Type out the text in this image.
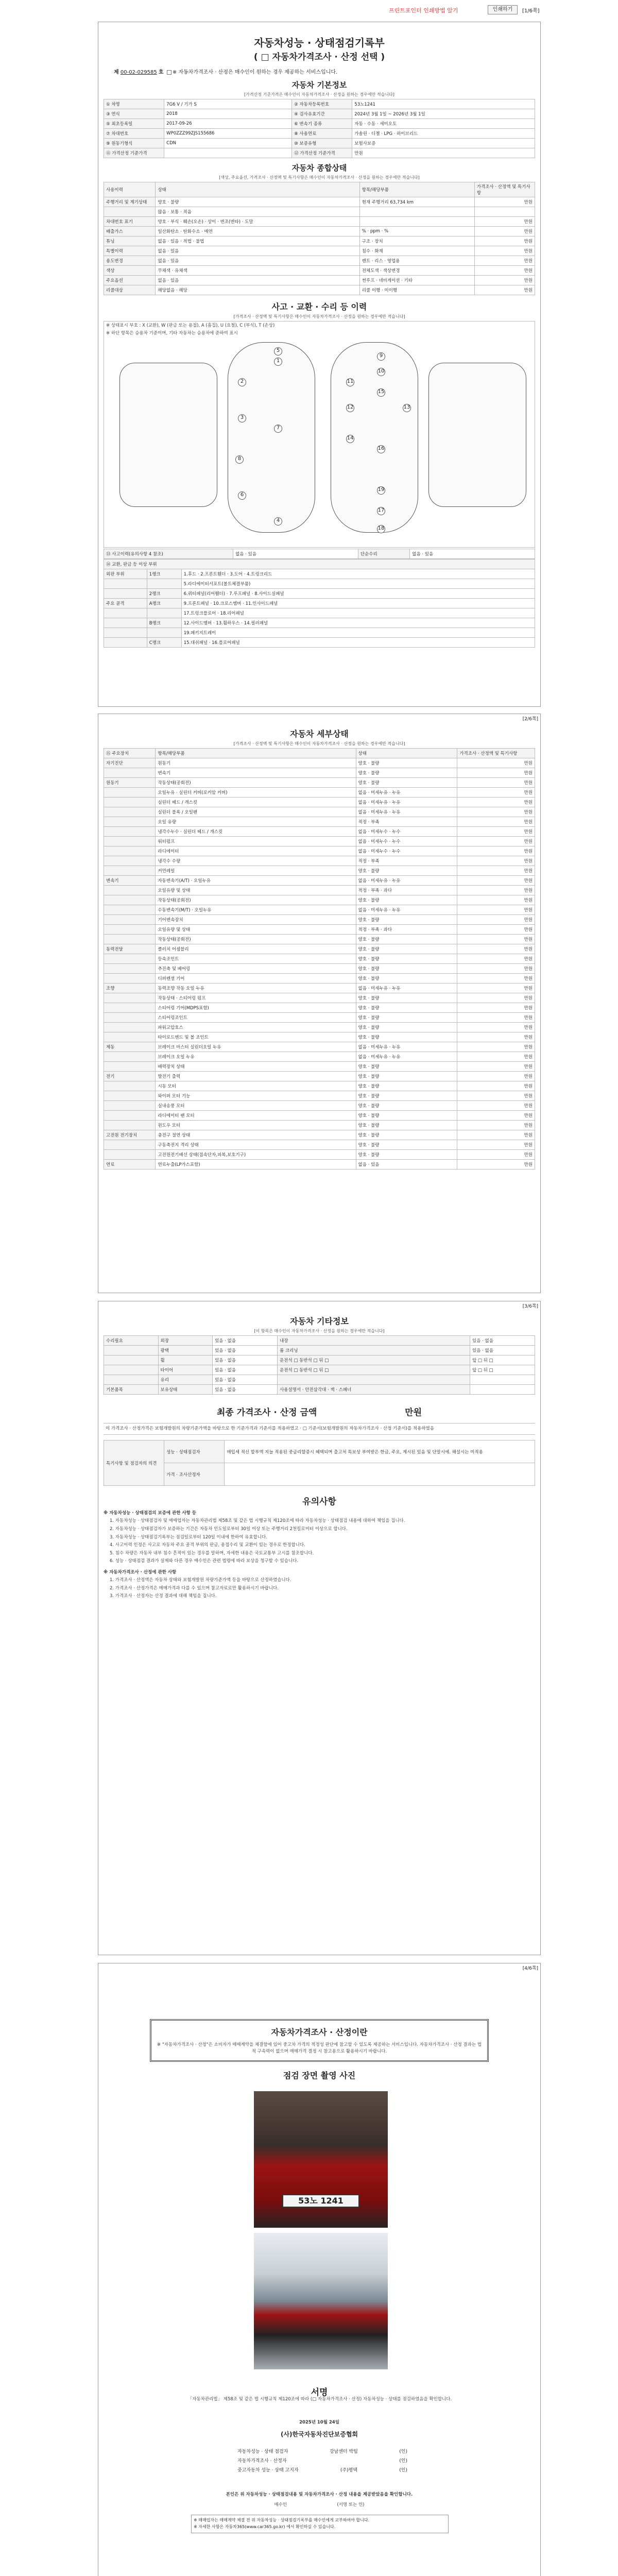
프린트포인터 인쇄방법 알기	인쇄하기	[1/6쪽]
자동차성능 · 상태점검기록부
( □ 자동차가격조사 · 산정 선택 )
제 00-02-029585 호 ※ 자동차가격조사 · 산정은 매수인이 원하는 경우 제공하는 서비스입니다.
자동차 기본정보
[가격산정 기준가격은 매수인이 자동차가격조사 · 산정을 원하는 경우에만 적습니다]
① 차명	7G6 V / 기가 S	② 자동차등록번호	53노1241
③ 연식	2018	④ 검사유효기간	2024년 3월 1일 ~ 2026년 3월 1일
⑤ 최초등록일	2017-09-26	⑥ 변속기 종류	자동 · 수동 · 세미오토
⑦ 차대번호	WP0ZZZ99ZJS155686	⑧ 사용연료	가솔린 · 디젤 · LPG · 하이브리드
⑨ 원동기형식	CDN	⑩ 보증유형	보험사보증
⑪ 가격산정 기준가격		⑫ 가격산정 기준가격	만원
자동차 종합상태
[색상, 주요옵션, 가격조사 · 산정액 및 특기사항은 매수인이 자동차가격조사 · 산정을 원하는 경우에만 적습니다]
사용이력	상태	항목/해당부품	가격조사 · 산정액 및 특기사항
주행거리 및 계기상태	양호 · 불량	현재 주행거리 63,734 km	만원
	많음 · 보통 · 적음		
차대번호 표기	양호 · 부식 · 훼손(오손) · 상이 · 변조(변타) · 도말		만원
배출가스	일산화탄소 · 탄화수소 · 매연	% · ppm · %	만원
튜닝	없음 · 있음 · 적법 · 불법	구조 · 장치	만원
특별이력	없음 · 있음	침수 · 화재	만원
용도변경	없음 · 있음	렌트 · 리스 · 영업용	만원
색상	무채색 · 유채색	전체도색 · 색상변경	만원
주요옵션	없음 · 있음	썬루프 · 네비게이션 · 기타	만원
리콜대상	해당없음 · 해당	리콜 이행 · 미이행	만원
사고 · 교환 · 수리 등 이력
[가격조사 · 산정액 및 특기사항은 매수인이 자동차가격조사 · 산정을 원하는 경우에만 적습니다]
※ 상태표시 부호 : X (교환), W (판금 또는 용접), A (흠집), U (요철), C (부식), T (손상)
※ 하단 항목은 승용차 기준이며, 기타 자동차는 승용차에 준하여 표시
1
2
3
4
5
6
7
8
9
10
11
12	13
14
15
16
17
18
19
⑬ 사고이력(유의사항 4 참조)	없음 · 있음	단순수리	없음 · 있음
⑭ 교환, 판금 등 이상 부위		
외판 부위	1랭크	1.후드 · 2.프론트휀더 · 3.도어 · 4.트렁크리드
		5.라디에이터서포트(볼트체결부품)
	2랭크	6.쿼터패널(리어휀더) · 7.루프패널 · 8.사이드실패널
주요 골격	A랭크	9.프론트패널 · 10.크로스멤버 · 11.인사이드패널
		17.트렁크플로어 · 18.리어패널
	B랭크	12.사이드멤버 · 13.휠하우스 · 14.필러패널
		19.패키지트레이
	C랭크	15.대쉬패널 · 16.플로어패널
[2/6쪽]
자동차 세부상태
[가격조사 · 산정액 및 특기사항은 매수인이 자동차가격조사 · 산정을 원하는 경우에만 적습니다]
⑮ 주요장치	항목/해당부품	상태	가격조사 · 산정액 및 특기사항
자기진단	원동기	양호 · 불량	만원
	변속기	양호 · 불량	만원
원동기	작동상태(공회전)	양호 · 불량	만원
	오일누유 · 실린더 커버(로커암 커버)	없음 · 미세누유 · 누유	만원
	실린더 헤드 / 개스킷	없음 · 미세누유 · 누유	만원
	실린더 블록 / 오일팬	없음 · 미세누유 · 누유	만원
	오일 유량	적정 · 부족	만원
	냉각수누수 · 실린더 헤드 / 개스킷	없음 · 미세누수 · 누수	만원
	워터펌프	없음 · 미세누수 · 누수	만원
	라디에이터	없음 · 미세누수 · 누수	만원
	냉각수 수량	적정 · 부족	만원
	커먼레일	양호 · 불량	만원
변속기	자동변속기(A/T) · 오일누유	없음 · 미세누유 · 누유	만원
	오일유량 및 상태	적정 · 부족 · 과다	만원
	작동상태(공회전)	양호 · 불량	만원
	수동변속기(M/T) · 오일누유	없음 · 미세누유 · 누유	만원
	기어변속장치	양호 · 불량	만원
	오일유량 및 상태	적정 · 부족 · 과다	만원
	작동상태(공회전)	양호 · 불량	만원
동력전달	클러치 어셈블리	양호 · 불량	만원
	등속조인트	양호 · 불량	만원
	추진축 및 베어링	양호 · 불량	만원
	디퍼렌셜 기어	양호 · 불량	만원
조향	동력조향 작동 오일 누유	없음 · 미세누유 · 누유	만원
	작동상태 · 스티어링 펌프	양호 · 불량	만원
	스티어링 기어(MDPS포함)	양호 · 불량	만원
	스티어링조인트	양호 · 불량	만원
	파워고압호스	양호 · 불량	만원
	타이로드엔드 및 볼 조인트	양호 · 불량	만원
제동	브레이크 마스터 실린더오일 누유	없음 · 미세누유 · 누유	만원
	브레이크 오일 누유	없음 · 미세누유 · 누유	만원
	배력장치 상태	양호 · 불량	만원
전기	발전기 출력	양호 · 불량	만원
	시동 모터	양호 · 불량	만원
	와이퍼 모터 기능	양호 · 불량	만원
	실내송풍 모터	양호 · 불량	만원
	라디에이터 팬 모터	양호 · 불량	만원
	윈도우 모터	양호 · 불량	만원
고전원 전기장치	충전구 절연 상태	양호 · 불량	만원
	구동축전지 격리 상태	양호 · 불량	만원
	고전원전기배선 상태(접속단자,피복,보호기구)	양호 · 불량	만원
연료	연료누출(LP가스포함)	없음 · 있음	만원
[3/6쪽]
자동차 기타정보
[이 항목은 매수인이 자동차가격조사 · 산정을 원하는 경우에만 적습니다]
수리필요	외장	있음 · 없음	내장	있음 · 없음
	광택	있음 · 없음	룸 크리닝	있음 · 없음
	휠	있음 · 없음	운전석 □ 동반석 □ 뒤 □	앞 □ 뒤 □
	타이어	있음 · 없음	운전석 □ 동반석 □ 뒤 □	앞 □ 뒤 □
	유리	있음 · 없음		
기본품목	보유상태	있음 · 없음	사용설명서 · 안전삼각대 · 잭 · 스패너	
최종 가격조사 · 산정 금액	만원
이 가격조사 · 산정가격은 보험개발원의 차량기준가액을 바탕으로 한 기준가격과 기준서를 적용하였고 · □ 기준서(보험개발원의 자동차가격조사 · 산정 기준서)를 적용하였음
특기사항 및 점검자의 의견	성능 · 상태점검자	매입세 적신 할부액 지늘 적용된 중금리할증시 혜택되며 출고처 특보상 부여받은 한금, 주요, 제시된 있음 및 단말시에. 해설시는 미적용
	가격 · 조사산정자	
유의사항
※ 자동차성능 · 상태점검의 보증에 관한 사항 등
1. 자동차성능 · 상태점검자 및 매매업자는 자동차관리법 제58조 및 같은 법 시행규칙 제120조에 따라 자동차성능 · 상태점검 내용에 대하여 책임을 집니다.
2. 자동차성능 · 상태점검자가 보증하는 기간은 자동차 인도일로부터 30일 이상 또는 주행거리 2천킬로미터 이상으로 합니다.
3. 자동차성능 · 상태점검기록부는 점검일로부터 120일 이내에 한하여 유효합니다.
4. 사고이력 인정은 사고로 자동차 주요 골격 부위의 판금, 용접수리 및 교환이 있는 경우로 한정합니다.
5. 침수 차량은 자동차 내부 침수 흔적이 있는 경우를 말하며, 자세한 내용은 국토교통부 고시를 참조합니다.
6. 성능 · 상태점검 결과가 실제와 다른 경우 매수인은 관련 법령에 따라 보상을 청구할 수 있습니다.
※ 자동차가격조사 · 산정에 관한 사항
1. 가격조사 · 산정액은 자동차 상태와 보험개발원 차량기준가액 등을 바탕으로 산정하였습니다.
2. 가격조사 · 산정가격은 매매가격과 다를 수 있으며 참고자료로만 활용하시기 바랍니다.
3. 가격조사 · 산정자는 산정 결과에 대해 책임을 집니다.
[4/6쪽]
자동차가격조사 · 산정이란
※ "자동차가격조사 · 산정"은 소비자가 매매계약을 체결함에 있어 중고차 가격의 적정성 판단에 참고할 수 있도록 제공하는 서비스입니다. 자동차가격조사 · 산정 결과는 법적 구속력이 없으며 매매가격 결정 시 참고용으로 활용하시기 바랍니다.
점검 장면 촬영 사진
53노 1241
서명
「자동차관리법」 제58조 및 같은 법 시행규칙 제120조에 따라 (□ 자동차가격조사 · 산정) 자동차성능 · 상태를 점검하였음을 확인합니다.
2025년 10월 24일
(사)한국자동차진단보증협회
자동차성능 · 상태 점검자	강남센터 박팀	(인)
자동차가격조사 · 산정자	(인)
중고자동차 성능 · 상태 고지자	(주)평택	(인)
본인은 위 자동차성능 · 상태점검내용 및 자동차가격조사 · 산정 내용을 제공받았음을 확인합니다.
매수인                                    (서명 또는 인)
※ 매매업자는 매매계약 체결 전 위 자동차성능 · 상태점검기록부를 매수인에게 교부하여야 합니다.
※ 자세한 사항은 자동차365(www.car365.go.kr) 에서 확인하실 수 있습니다.
